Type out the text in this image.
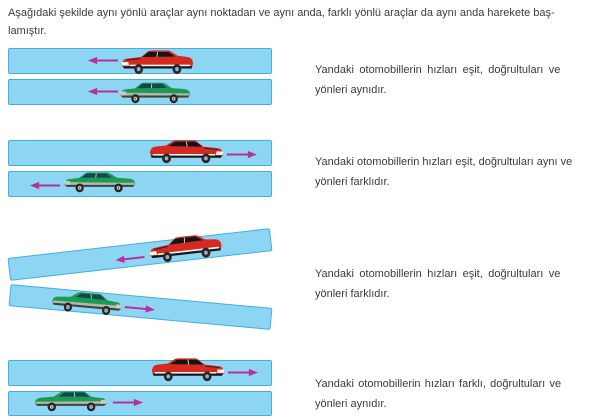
Aşağıdaki şekilde aynı yönlü araçlar aynı noktadan ve aynı anda, farklı yönlü araçlar da aynı anda harekete baş-
lamıştır.

Yandaki otomobillerin hızları eşit, doğrultuları ve
yönleri aynıdır.

Yandaki otomobillerin hızları eşit, doğrultuları aynı ve
yönleri farklıdır.

Yandaki otomobillerin hızları eşit, doğrultuları ve
yönleri farklıdır.

Yandaki otomobillerin hızları farklı, doğrultuları ve
yönleri aynıdır.
